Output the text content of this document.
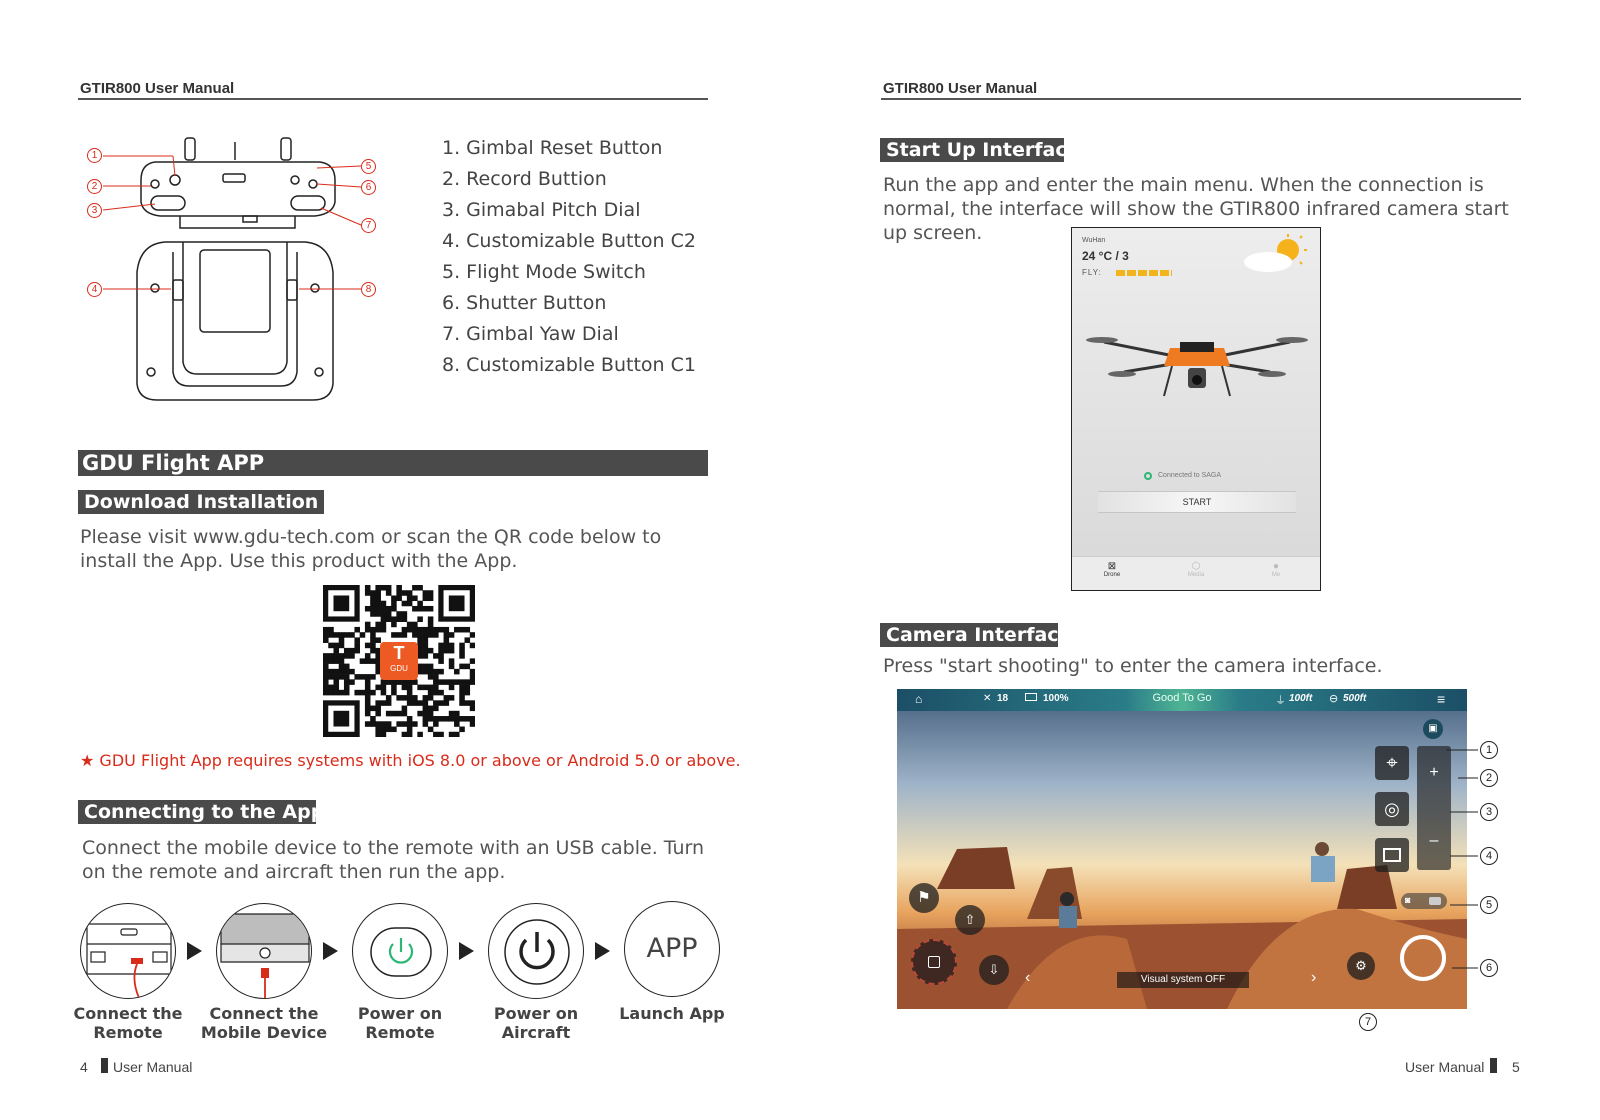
GTIR800 User Manual
1
2
3
4
5
6
7
8
1. Gimbal Reset Button
2. Record Buttion
3. Gimabal Pitch Dial
4. Customizable Button C2
5. Flight Mode Switch
6. Shutter Button
7. Gimbal Yaw Dial
8. Customizable Button C1
GDU Flight APP
Download Installation
Please visit www.gdu-tech.com or scan the QR code below to install the App. Use this product with the App.
T
GDU
★ GDU Flight App requires systems with iOS 8.0 or above or Android 5.0 or above.
Connecting to the App
Connect the mobile device to the remote with an USB cable. Turn on the remote and aircraft then run the app.
APP
Connect the
Remote
Connect the
Mobile Device
Power on
Remote
Power on
Aircraft
Launch App
4 User Manual
GTIR800 User Manual
Start Up Interface
Run the app and enter the main menu. When the connection is normal, the interface will show the GTIR800 infrared camera start up screen.	WuHan
24 °C / 3
FLY:
Connected to SAGA
START
⊠
Drone
⬡
Media
●
Me
Camera Interface
Press "start shooting" to enter the camera interface.
⌂	✕ 18	100%	Good To Go	⏚ 100ft ⊖ 500ft	≡
▣
⌖
◎
+
–
◙
⚙
⚑
⇧
⇩	‹	›
Visual system OFF
1
2
3
4
5
6
7
User Manual 5
